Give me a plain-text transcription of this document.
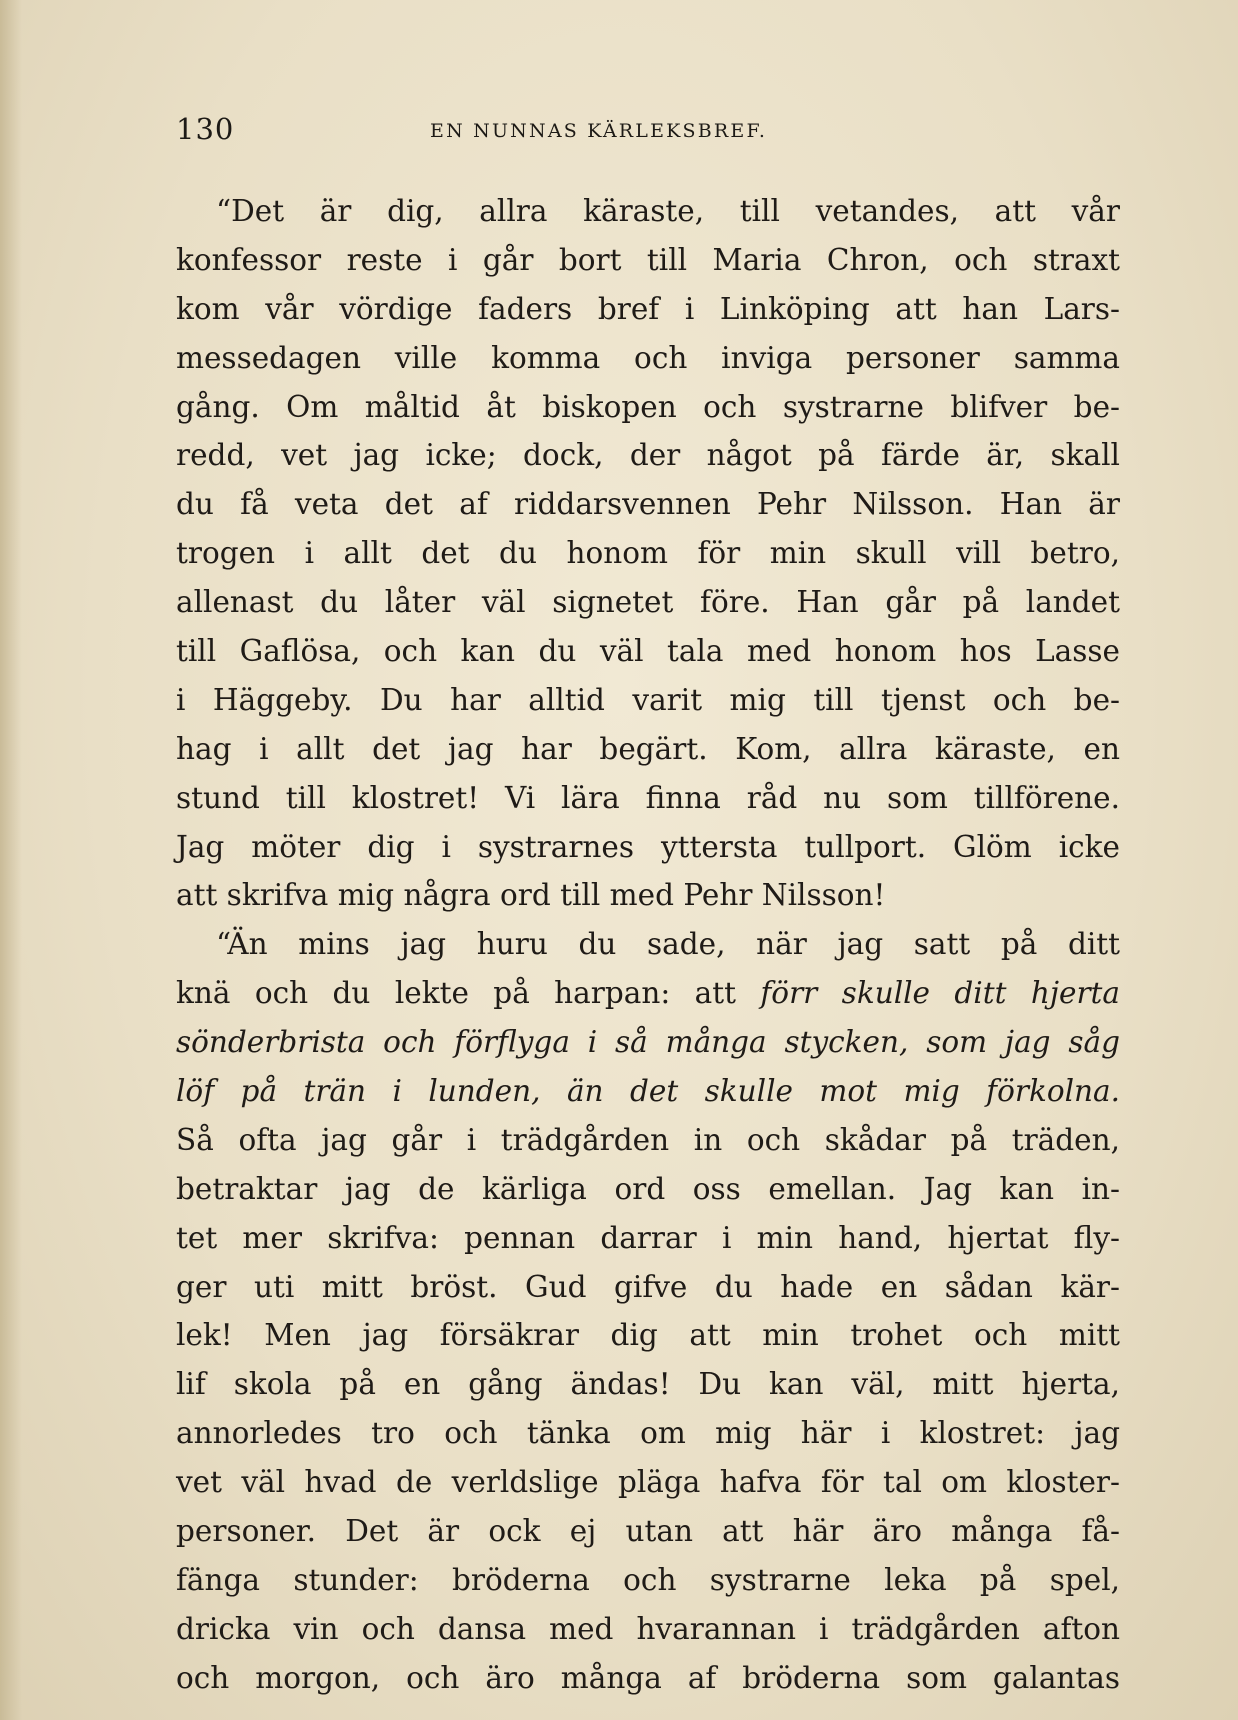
130	EN NUNNAS KÄRLEKSBREF.
“Det är dig, allra käraste, till vetandes, att vår
konfessor reste i går bort till Maria Chron, och straxt
kom vår vördige faders bref i Linköping att han Lars-
messedagen ville komma och inviga personer samma
gång. Om måltid åt biskopen och systrarne blifver be-
redd, vet jag icke; dock, der något på färde är, skall
du få veta det af riddarsvennen Pehr Nilsson. Han är
trogen i allt det du honom för min skull vill betro,
allenast du låter väl signetet före. Han går på landet
till Gaflösa, och kan du väl tala med honom hos Lasse
i Häggeby. Du har alltid varit mig till tjenst och be-
hag i allt det jag har begärt. Kom, allra käraste, en
stund till klostret! Vi lära finna råd nu som tillförene.
Jag möter dig i systrarnes yttersta tullport. Glöm icke
att skrifva mig några ord till med Pehr Nilsson!
“Än mins jag huru du sade, när jag satt på ditt
knä och du lekte på harpan: att förr skulle ditt hjerta
sönderbrista och förflyga i så många stycken, som jag såg
löf på trän i lunden, än det skulle mot mig förkolna.
Så ofta jag går i trädgården in och skådar på träden,
betraktar jag de kärliga ord oss emellan. Jag kan in-
tet mer skrifva: pennan darrar i min hand, hjertat fly-
ger uti mitt bröst. Gud gifve du hade en sådan kär-
lek! Men jag försäkrar dig att min trohet och mitt
lif skola på en gång ändas! Du kan väl, mitt hjerta,
annorledes tro och tänka om mig här i klostret: jag
vet väl hvad de verldslige pläga hafva för tal om kloster-
personer. Det är ock ej utan att här äro många få-
fänga stunder: bröderna och systrarne leka på spel,
dricka vin och dansa med hvarannan i trädgården afton
och morgon, och äro många af bröderna som galantas
